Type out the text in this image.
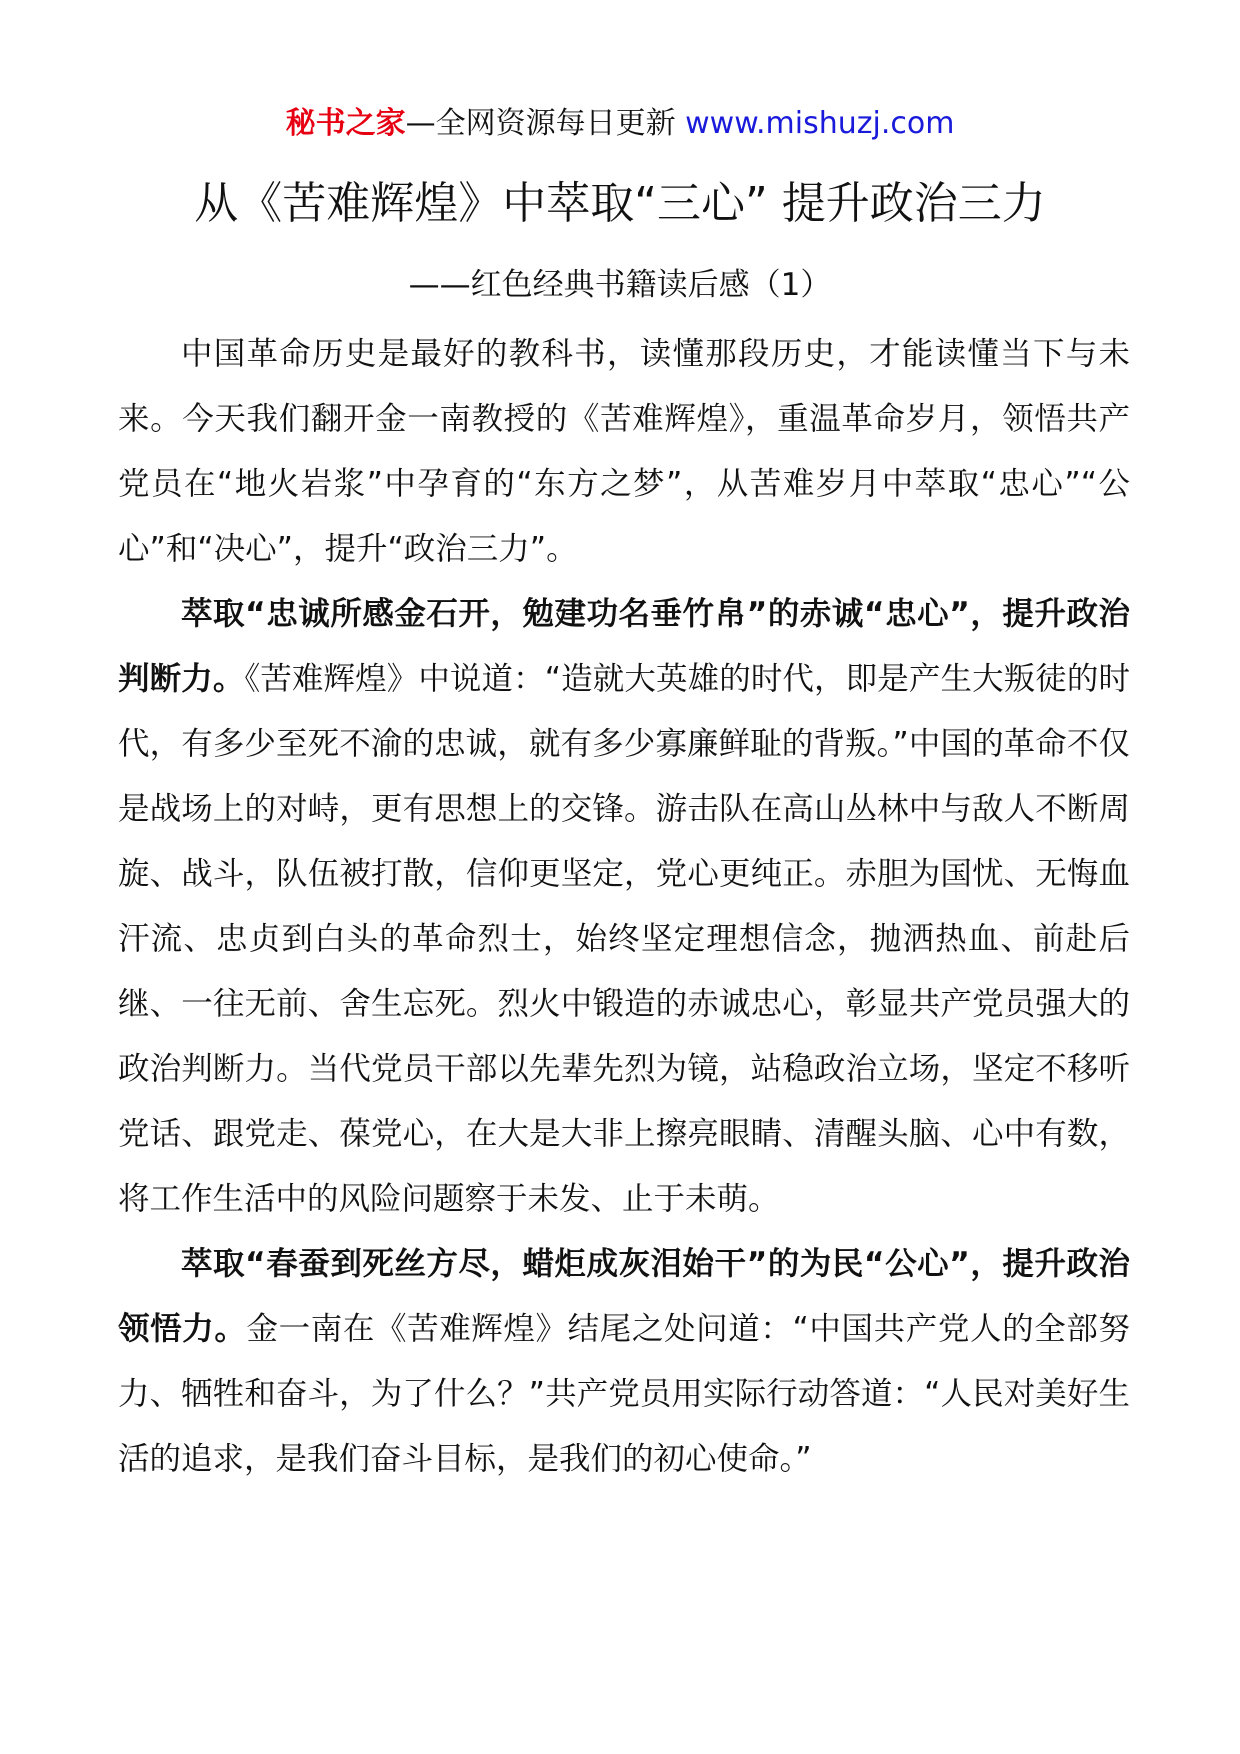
秘书之家—全网资源每日更新 www.mishuzj.com
从《苦难辉煌》中萃取“三心” 提升政治三力
——红色经典书籍读后感（1）

中国革命历史是最好的教科书，读懂那段历史，才能读懂当下与未来。今天我们翻开金一南教授的《苦难辉煌》，重温革命岁月，领悟共产党员在“地火岩浆”中孕育的“东方之梦”，从苦难岁月中萃取“忠心”“公心”和“决心”，提升“政治三力”。

萃取“忠诚所感金石开，勉建功名垂竹帛”的赤诚“忠心”，提升政治判断力。《苦难辉煌》中说道：“造就大英雄的时代，即是产生大叛徒的时代，有多少至死不渝的忠诚，就有多少寡廉鲜耻的背叛。”中国的革命不仅是战场上的对峙，更有思想上的交锋。游击队在高山丛林中与敌人不断周旋、战斗，队伍被打散，信仰更坚定，党心更纯正。赤胆为国忧、无悔血汗流、忠贞到白头的革命烈士，始终坚定理想信念，抛洒热血、前赴后继、一往无前、舍生忘死。烈火中锻造的赤诚忠心，彰显共产党员强大的政治判断力。当代党员干部以先辈先烈为镜，站稳政治立场，坚定不移听党话、跟党走、葆党心，在大是大非上擦亮眼睛、清醒头脑、心中有数，将工作生活中的风险问题察于未发、止于未萌。

萃取“春蚕到死丝方尽，蜡炬成灰泪始干”的为民“公心”，提升政治领悟力。金一南在《苦难辉煌》结尾之处问道：“中国共产党人的全部努力、牺牲和奋斗，为了什么？”共产党员用实际行动答道：“人民对美好生活的追求，是我们奋斗目标，是我们的初心使命。”
